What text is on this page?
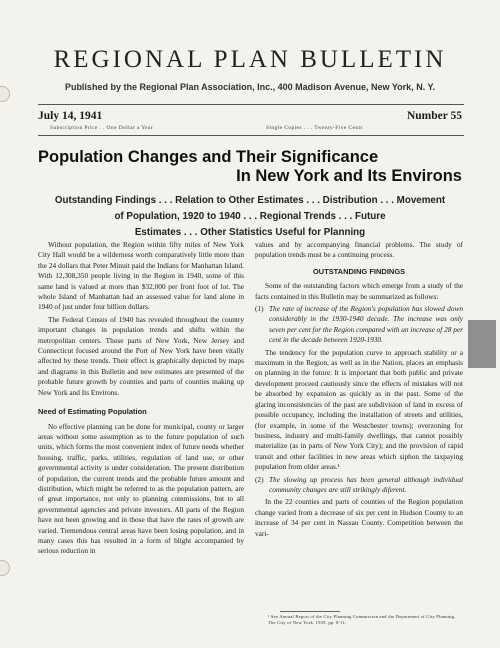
REGIONAL PLAN BULLETIN
Published by the Regional Plan Association, Inc., 400 Madison Avenue, New York, N. Y.
July 14, 1941	Number 55
Subscription Price . . One Dollar a Year	Single Copies . . . Twenty-Five Cents
Population Changes and Their Significance
In New York and Its Environs
Outstanding Findings . . . Relation to Other Estimates . . . Distribution . . . Movement
of Population, 1920 to 1940 . . . Regional Trends . . . Future
Estimates . . . Other Statistics Useful for Planning

Without population, the Region within fifty miles of New York City Hall would be a wilderness worth comparatively little more than the 24 dollars that Peter Minuit paid the Indians for Manhattan Island. With 12,308,350 people living in the Region in 1940, some of this same land is valued at more than $32,000 per front foot of lot. The whole Island of Manhattan had an assessed value for land alone in 1940 of just under four billion dollars.

The Federal Census of 1940 has revealed throughout the country important changes in population trends and shifts within the metropolitan centers. Those parts of New York, New Jersey and Connecticut focused around the Port of New York have been vitally affected by these trends. Their effect is graphically depicted by maps and diagrams in this Bulletin and new estimates are presented of the probable future growth by counties and parts of counties making up New York and Its Environs.

Need of Estimating Population

No effective planning can be done for municipal, county or larger areas without some assumption as to the future population of such units, which forms the most convenient index of future needs whether housing, traffic, parks, utilities, regulation of land use, or other governmental activity is under consideration. The present distribution of population, the current trends and the probable future amount and distribution, which might be referred to as the population pattern, are of great importance, not only to planning commissions, but to all governmental agencies and private investors. All parts of the Region have not been growing and in those that have the rates of growth are varied. Tremendous central areas have been losing population, and in many cases this has resulted in a form of blight accompanied by serious reduction in

values and by accompanying financial problems. The study of population trends must be a continuing process.

OUTSTANDING FINDINGS

Some of the outstanding factors which emerge from a study of the facts contained in this Bulletin may be summarized as follows:

(1) The rate of increase of the Region's population has slowed down considerably in the 1930-1940 decade. The increase was only seven per cent for the Region compared with an increase of 28 per cent in the decade between 1920-1930.

The tendency for the population curve to approach stability or a maximum in the Region, as well as in the Nation, places an emphasis on planning in the future. It is important that both public and private development proceed cautiously since the effects of mistakes will not be absorbed by expansion as quickly as in the past. Some of the glaring inconsistencies of the past are subdivision of land in excess of possible occupancy, including the installation of streets and utilities, (for example, in some of the Westchester towns); overzoning for business, industry and multi-family dwellings, that cannot possibly materialize (as in parts of New York City); and the provision of rapid transit and other facilities in new areas which siphon the taxpaying population from older areas.¹

(2) The slowing up process has been general although individual community changes are still strikingly diferent.

In the 22 counties and parts of counties of the Region population change varied from a decrease of six per cent in Hudson County to an increase of 34 per cent in Nassau County. Competition between the vari-

¹ See Annual Report of the City Planning Commission and the Department of City Planning, The City of New York, 1939, pp. 8-11.
